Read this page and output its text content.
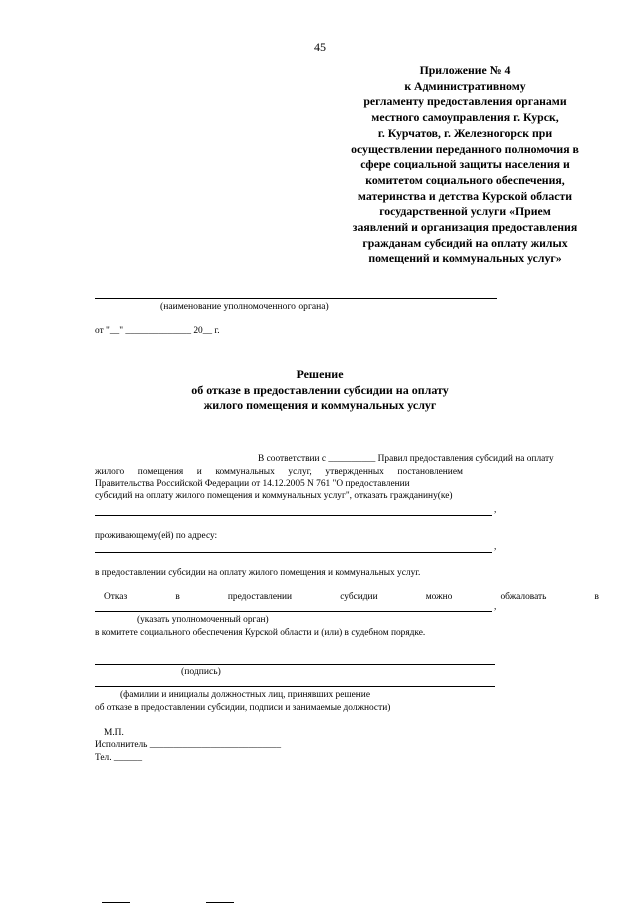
45
Приложение № 4
к Административному
регламенту предоставления органами
местного самоуправления г. Курск,
г. Курчатов, г. Железногорск при
осуществлении переданного полномочия в
сфере социальной защиты населения и
комитетом социального обеспечения,
материнства и детства Курской области
государственной услуги «Прием
заявлений и организация предоставления
гражданам субсидий на оплату жилых
помещений и коммунальных услуг»
(наименование уполномоченного органа)
от "__" ______________ 20__ г.
Решение
об отказе в предоставлении субсидии на оплату
жилого помещения и коммунальных услуг
В соответствии с __________ Правил предоставления субсидий на оплату
жилого помещения и коммунальных услуг, утвержденных постановлением
Правительства Российской Федерации от 14.12.2005 N 761 "О предоставлении
субсидий на оплату жилого помещения и коммунальных услуг", отказать гражданину(ке)
,
проживающему(ей) по адресу:
,
в предоставлении субсидии на оплату жилого помещения и коммунальных услуг.
Отказ	в	предоставлении	субсидии	можно	обжаловать	в
,
(указать уполномоченный орган)
в комитете социального обеспечения Курской области и (или) в судебном порядке.
(подпись)
(фамилии и инициалы должностных лиц, принявших решение
об отказе в предоставлении субсидии, подписи и занимаемые должности)
М.П.
Исполнитель ____________________________
Тел. ______
